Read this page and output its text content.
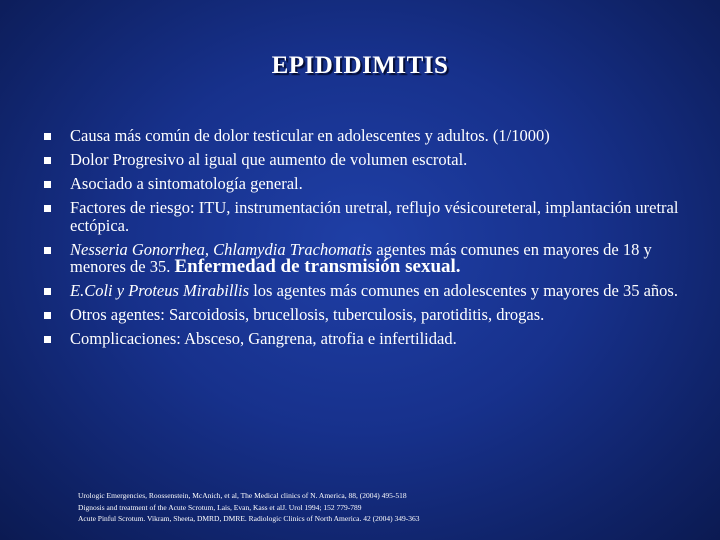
EPIDIDIMITIS
Causa más común de dolor testicular en adolescentes y adultos. (1/1000)
Dolor Progresivo al igual que aumento de volumen escrotal.
Asociado a sintomatología general.
Factores de riesgo: ITU, instrumentación uretral, reflujo vésicoureteral, implantación uretral ectópica.
Nesseria Gonorrhea, Chlamydia Trachomatis agentes más comunes en mayores de 18 y menores de 35. Enfermedad de transmisión sexual.
E.Coli y Proteus Mirabillis los agentes más comunes en adolescentes y mayores de 35 años.
Otros agentes: Sarcoidosis, brucellosis, tuberculosis, parotiditis, drogas.
Complicaciones: Absceso, Gangrena, atrofia e infertilidad.
Urologic Emergencies, Roossenstein, McAnich, et al, The Medical clinics of N. America, 88, (2004) 495-518
Dignosis and treatment of the Acute Scrotum, Lais, Evan, Kass et alJ. Urol 1994; 152 779-789
Acute Pinful Scrotum. Vikram, Sheeta, DMRD, DMRE. Radiologic Clinics of North America. 42 (2004) 349-363
